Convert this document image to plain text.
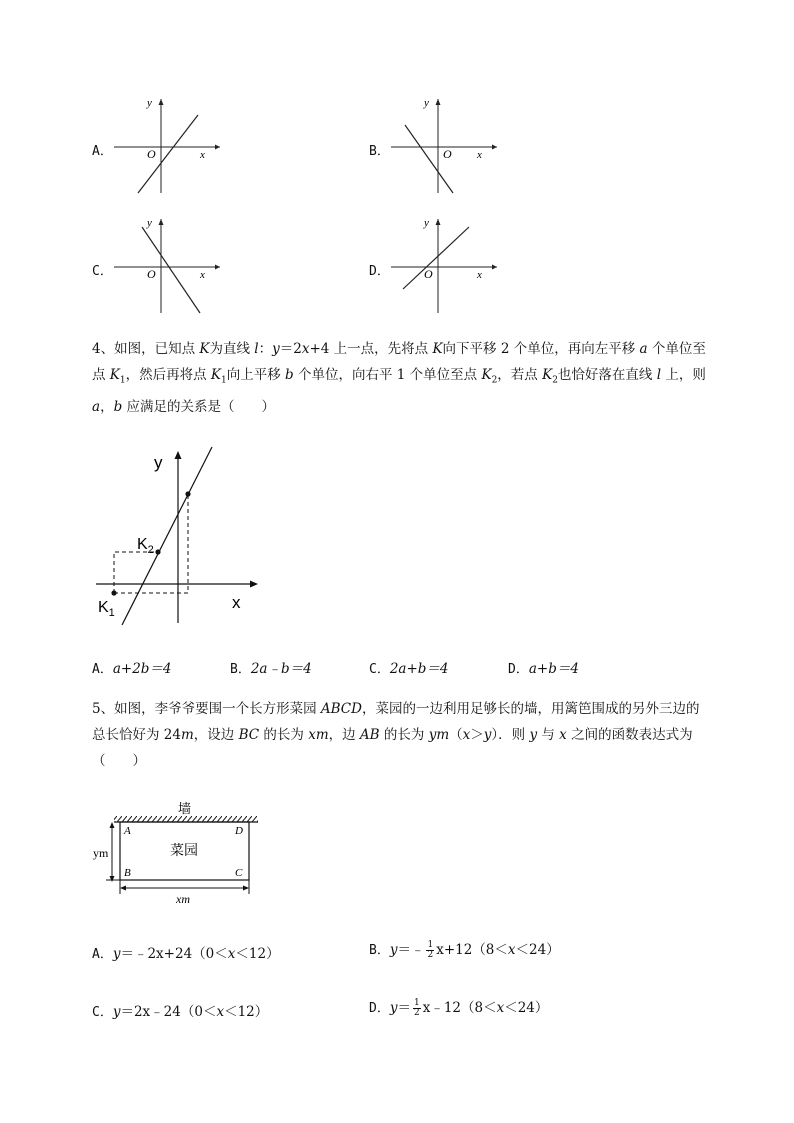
A．
y
x
O	B．
y
x
O
C．
y
x
O	D．
y
x
O
4、如图，已知点 K为直线 l：y＝2x+4 上一点，先将点 K向下平移 2 个单位，再向左平移 a 个单位至
点 $K_1$，然后再将点 $K_1$向上平移 b 个单位，向右平 1 个单位至点 $K_2$，若点 $K_2$也恰好落在直线 l 上，则
a，b 应满足的关系是（　　）
y
x
$K_2$
$K_1$
A．a+2b＝4	B．2a﹣b＝4	C．2a+b＝4	D．a+b＝4
5、如图，李爷爷要围一个长方形菜园 ABCD，菜园的一边利用足够长的墙，用篱笆围成的另外三边的
总长恰好为 24m，设边 BC 的长为 xm，边 AB 的长为 ym（x＞y）．则 y 与 x 之间的函数表达式为
（　　）
墙
菜园
A	D
B	C
ym
xm
A．y＝﹣2x+24（0＜x＜12）	B．y＝﹣ $\frac{1}{2} x+12(8<x<24)$
C．y＝2x﹣24（0＜x＜12）	D．$y= \frac{1}{2}$ x﹣12（8＜x＜24）
